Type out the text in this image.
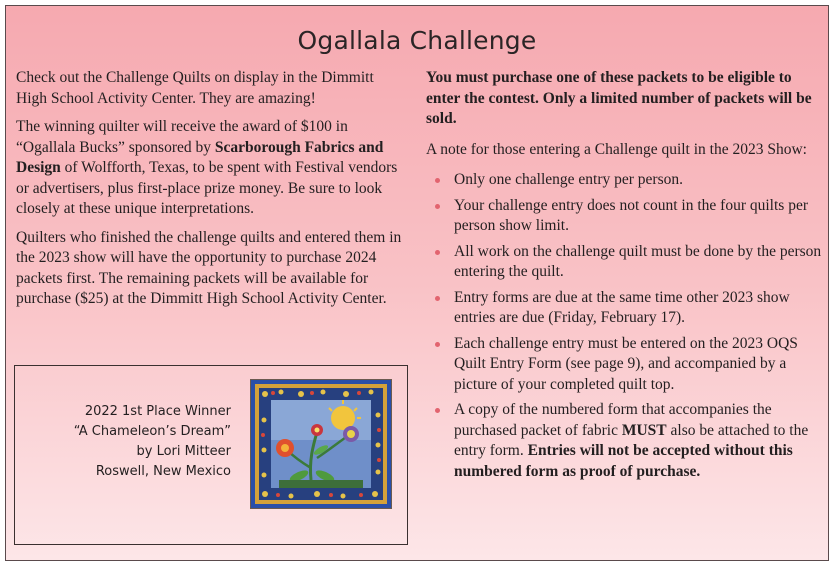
Ogallala Challenge

Check out the Challenge Quilts on display in the Dimmitt High School Activity Center. They are amazing!

The winning quilter will receive the award of $100 in “Ogallala Bucks” sponsored by Scarborough Fabrics and Design of Wolfforth, Texas, to be spent with Festival vendors or advertisers, plus first-place prize money. Be sure to look closely at these unique interpretations.

Quilters who finished the challenge quilts and entered them in the 2023 show will have the opportunity to purchase 2024 packets first. The remaining packets will be available for purchase ($25) at the Dimmitt High School Activity Center.

2022 1st Place Winner
“A Chameleon’s Dream”
by Lori Mitteer
Roswell, New Mexico

You must purchase one of these packets to be eligible to enter the contest. Only a limited number of packets will be sold.

A note for those entering a Challenge quilt in the 2023 Show:

Only one challenge entry per person.
Your challenge entry does not count in the four quilts per person show limit.
All work on the challenge quilt must be done by the person entering the quilt.
Entry forms are due at the same time other 2023 show entries are due (Friday, February 17).
Each challenge entry must be entered on the 2023 OQS Quilt Entry Form (see page 9), and accompanied by a picture of your completed quilt top.
A copy of the numbered form that accompanies the purchased packet of fabric MUST also be attached to the entry form. Entries will not be accepted without this numbered form as proof of purchase.
